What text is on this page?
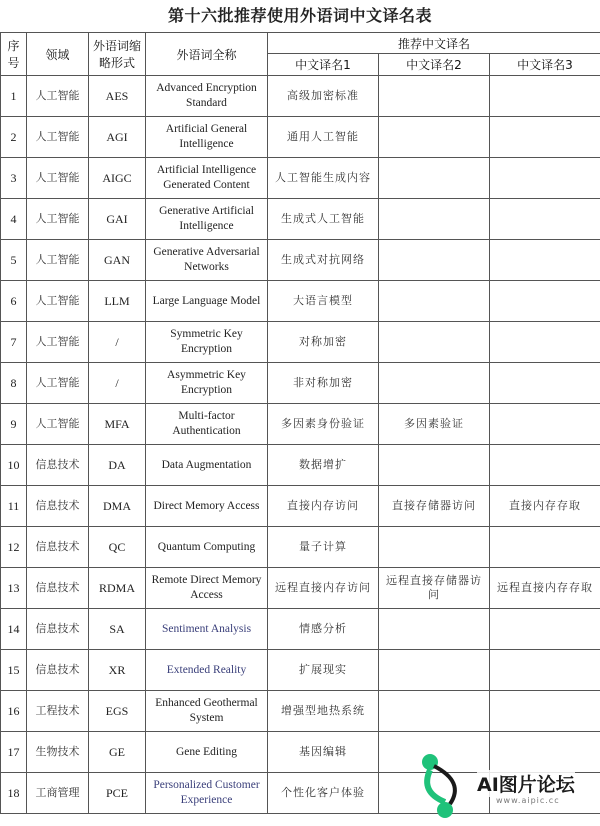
第十六批推荐使用外语词中文译名表
序号	领域	外语词缩略形式	外语词全称	推荐中文译名		
				中文译名1	中文译名2	中文译名3
1	人工智能	AES	Advanced Encryption Standard	高级加密标准		
2	人工智能	AGI	Artificial General Intelligence	通用人工智能		
3	人工智能	AIGC	Artificial Intelligence Generated Content	人工智能生成内容		
4	人工智能	GAI	Generative Artificial Intelligence	生成式人工智能		
5	人工智能	GAN	Generative Adversarial Networks	生成式对抗网络		
6	人工智能	LLM	Large Language Model	大语言模型		
7	人工智能	/	Symmetric Key Encryption	对称加密		
8	人工智能	/	Asymmetric Key Encryption	非对称加密		
9	人工智能	MFA	Multi-factor Authentication	多因素身份验证	多因素验证	
10	信息技术	DA	Data Augmentation	数据增扩		
11	信息技术	DMA	Direct Memory Access	直接内存访问	直接存储器访问	直接内存存取
12	信息技术	QC	Quantum Computing	量子计算		
13	信息技术	RDMA	Remote Direct Memory Access	远程直接内存访问	远程直接存储器访问	远程直接内存存取
14	信息技术	SA	Sentiment Analysis	情感分析		
15	信息技术	XR	Extended Reality	扩展现实		
16	工程技术	EGS	Enhanced Geothermal System	增强型地热系统		
17	生物技术	GE	Gene Editing	基因编辑		
18	工商管理	PCE	Personalized Customer Experience	个性化客户体验			AI图片论坛
www.aipic.cc
